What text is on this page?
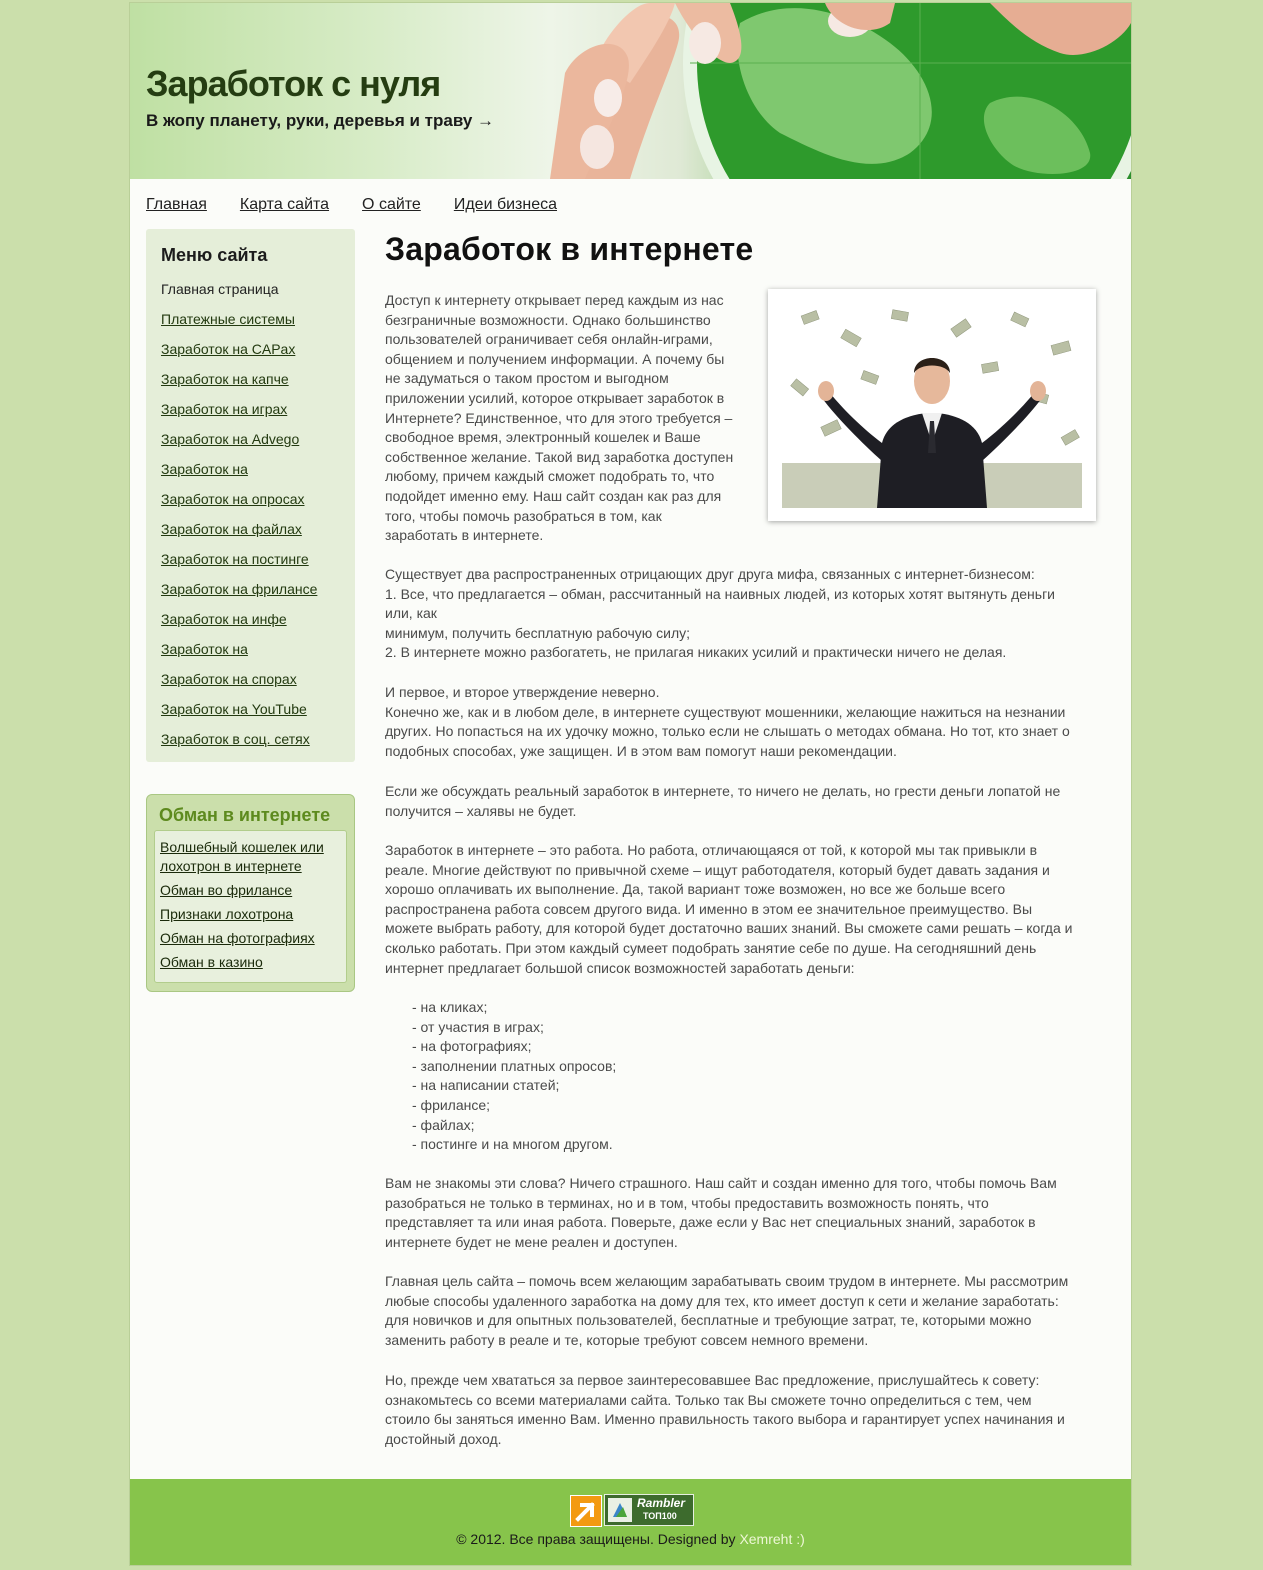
Заработок с нуля

В жопу планету, руки, деревья и траву →

Главная Карта сайта О сайте Идеи бизнеса
Меню сайта
Главная страница
Платежные системы
Заработок на CAPах
Заработок на капче
Заработок на играх
Заработок на Advego
Заработок на
Заработок на опросах
Заработок на файлах
Заработок на постинге
Заработок на фрилансе
Заработок на инфе
Заработок на
Заработок на спорах
Заработок на YouTube
Заработок в соц. сетях
Обман в интернете
Волшебный кошелек или лохотрон в интернете
Обман во фрилансе
Признаки лохотрона
Обман на фотографиях
Обман в казино
Заработок в интернете
Доступ к интернету открывает перед каждым из нас
безграничные возможности. Однако большинство
пользователей ограничивает себя онлайн-играми,
общением и получением информации. А почему бы
не задуматься о таком простом и выгодном
приложении усилий, которое открывает заработок в
Интернете? Единственное, что для этого требуется –
свободное время, электронный кошелек и Ваше
собственное желание. Такой вид заработка доступен
любому, причем каждый сможет подобрать то, что
подойдет именно ему. Наш сайт создан как раз для
того, чтобы помочь разобраться в том, как
заработать в интернете.
Существует два распространенных отрицающих друг друга мифа, связанных с интернет-бизнесом:
1. Все, что предлагается – обман, рассчитанный на наивных людей, из которых хотят вытянуть деньги
или, как
минимум, получить бесплатную рабочую силу;
2. В интернете можно разбогатеть, не прилагая никаких усилий и практически ничего не делая.
И первое, и второе утверждение неверно.
Конечно же, как и в любом деле, в интернете существуют мошенники, желающие нажиться на незнании
других. Но попасться на их удочку можно, только если не слышать о методах обмана. Но тот, кто знает о
подобных способах, уже защищен. И в этом вам помогут наши рекомендации.
Если же обсуждать реальный заработок в интернете, то ничего не делать, но грести деньги лопатой не
получится – халявы не будет.
Заработок в интернете – это работа. Но работа, отличающаяся от той, к которой мы так привыкли в
реале. Многие действуют по привычной схеме – ищут работодателя, который будет давать задания и
хорошо оплачивать их выполнение. Да, такой вариант тоже возможен, но все же больше всего
распространена работа совсем другого вида. И именно в этом ее значительное преимущество. Вы
можете выбрать работу, для которой будет достаточно ваших знаний. Вы сможете сами решать – когда и
сколько работать. При этом каждый сумеет подобрать занятие себе по душе. На сегодняшний день
интернет предлагает большой список возможностей заработать деньги:
- на кликах;
- от участия в играх;
- на фотографиях;
- заполнении платных опросов;
- на написании статей;
- фрилансе;
- файлах;
- постинге и на многом другом.
Вам не знакомы эти слова? Ничего страшного. Наш сайт и создан именно для того, чтобы помочь Вам
разобраться не только в терминах, но и в том, чтобы предоставить возможность понять, что
представляет та или иная работа. Поверьте, даже если у Вас нет специальных знаний, заработок в
интернете будет не мене реален и доступен.
Главная цель сайта – помочь всем желающим зарабатывать своим трудом в интернете. Мы рассмотрим
любые способы удаленного заработка на дому для тех, кто имеет доступ к сети и желание заработать:
для новичков и для опытных пользователей, бесплатные и требующие затрат, те, которыми можно
заменить работу в реале и те, которые требуют совсем немного времени.
Но, прежде чем хвататься за первое заинтересовавшее Вас предложение, прислушайтесь к совету:
ознакомьтесь со всеми материалами сайта. Только так Вы сможете точно определиться с тем, чем
стоило бы заняться именно Вам. Именно правильность такого выбора и гарантирует успех начинания и
достойный доход.
Rambler
ТОП100
© 2012. Все права защищены. Designed by Xemreht :)
